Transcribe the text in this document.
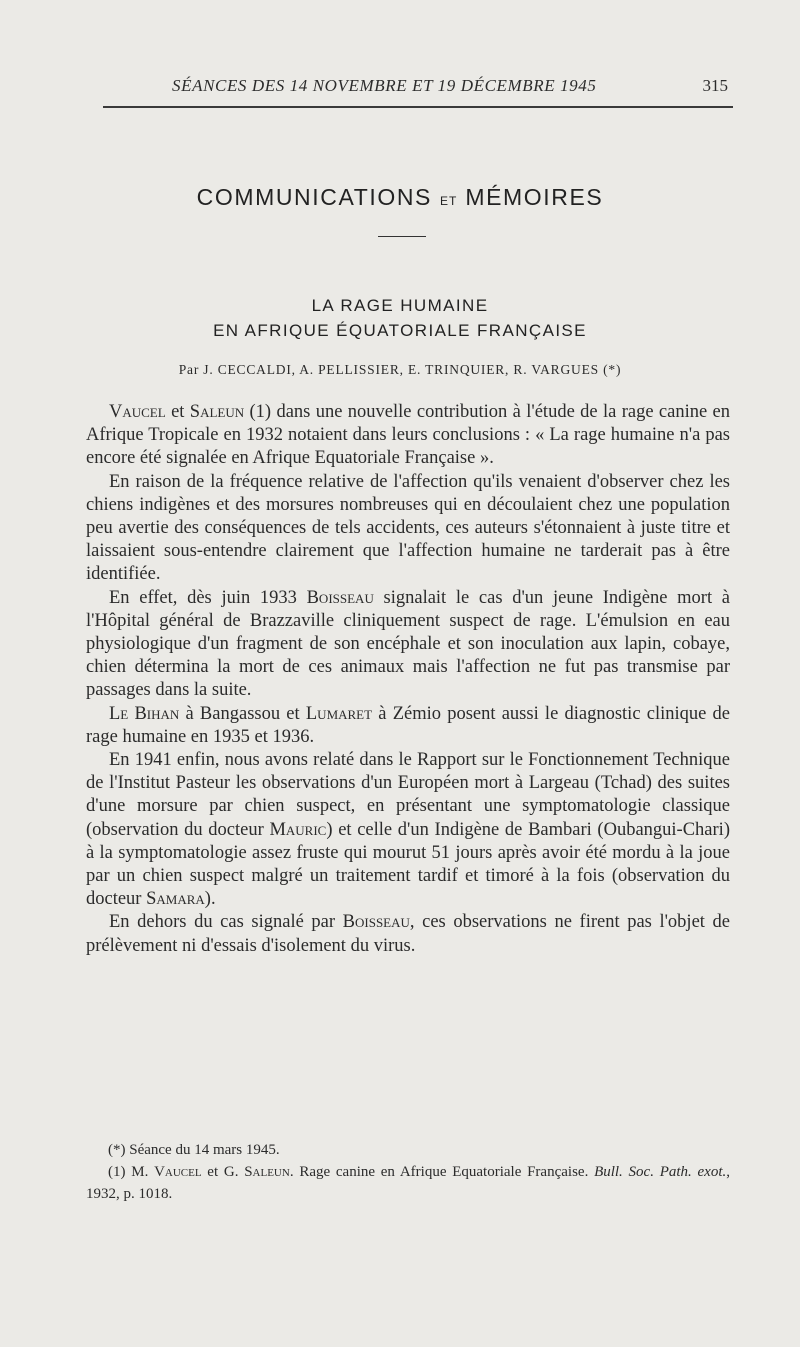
SÉANCES DES 14 NOVEMBRE ET 19 DÉCEMBRE 1945	315
COMMUNICATIONS ET MÉMOIRES
LA RAGE HUMAINE
EN AFRIQUE ÉQUATORIALE FRANÇAISE
Par J. CECCALDI, A. PELLISSIER, E. TRINQUIER, R. VARGUES (*)

Vaucel et Saleun (1) dans une nouvelle contribution à l'étude de la rage canine en Afrique Tropicale en 1932 notaient dans leurs conclusions : « La rage humaine n'a pas encore été signalée en Afrique Equatoriale Française ».

En raison de la fréquence relative de l'affection qu'ils venaient d'observer chez les chiens indigènes et des morsures nombreuses qui en découlaient chez une population peu avertie des conséquences de tels accidents, ces auteurs s'étonnaient à juste titre et laissaient sous-entendre clairement que l'affection humaine ne tarderait pas à être identifiée.

En effet, dès juin 1933 Boisseau signalait le cas d'un jeune Indigène mort à l'Hôpital général de Brazzaville cliniquement suspect de rage. L'émulsion en eau physiologique d'un fragment de son encéphale et son inoculation aux lapin, cobaye, chien détermina la mort de ces animaux mais l'affection ne fut pas transmise par passages dans la suite.

Le Bihan à Bangassou et Lumaret à Zémio posent aussi le diagnostic clinique de rage humaine en 1935 et 1936.

En 1941 enfin, nous avons relaté dans le Rapport sur le Fonctionnement Technique de l'Institut Pasteur les observations d'un Européen mort à Largeau (Tchad) des suites d'une morsure par chien suspect, en présentant une symptomatologie classique (observation du docteur Mauric) et celle d'un Indigène de Bambari (Oubangui-Chari) à la symptomatologie assez fruste qui mourut 51 jours après avoir été mordu à la joue par un chien suspect malgré un traitement tardif et timoré à la fois (observation du docteur Samara).

En dehors du cas signalé par Boisseau, ces observations ne firent pas l'objet de prélèvement ni d'essais d'isolement du virus.

(*) Séance du 14 mars 1945.

(1) M. Vaucel et G. Saleun. Rage canine en Afrique Equatoriale Française. Bull. Soc. Path. exot., 1932, p. 1018.
